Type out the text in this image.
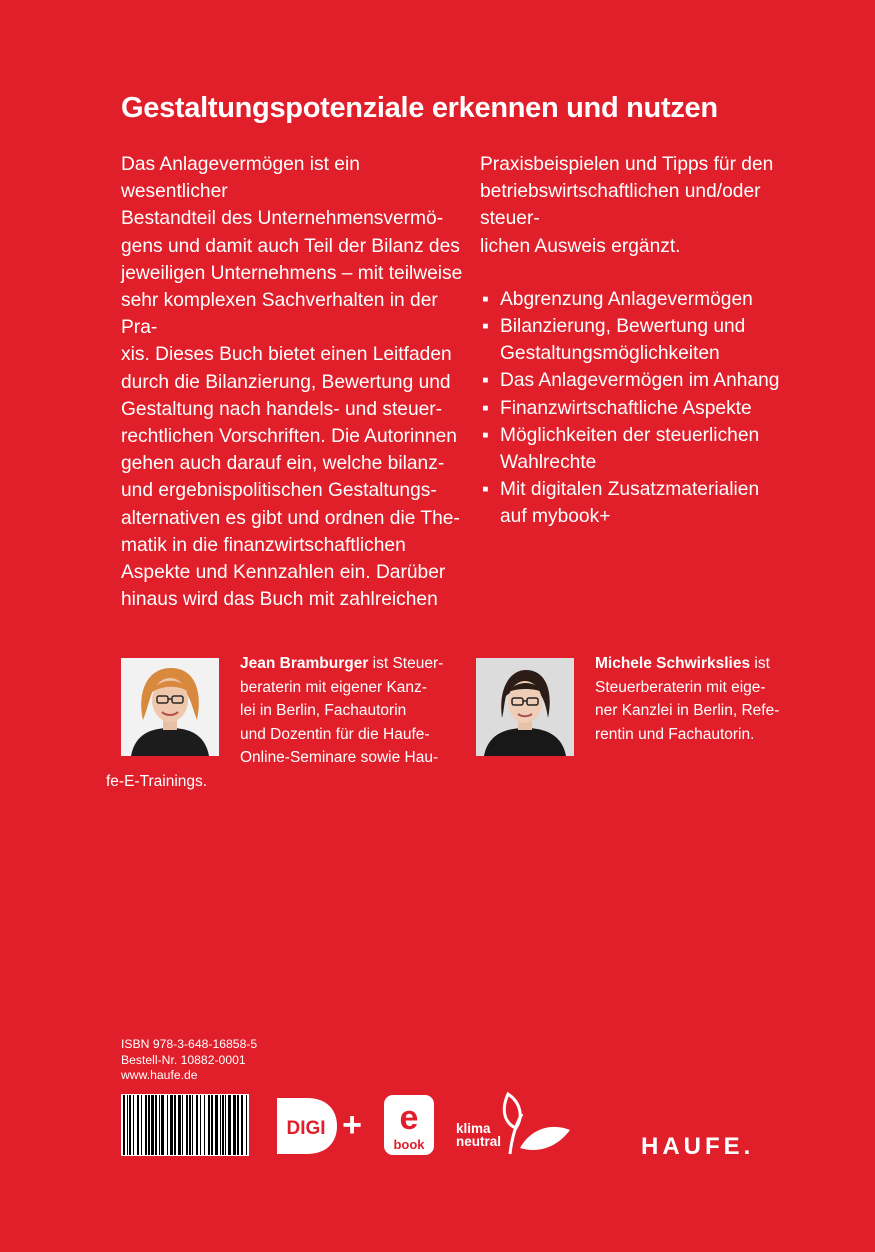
Gestaltungspotenziale erkennen und nutzen

Das Anlagevermögen ist ein wesentlicher
Bestandteil des Unternehmensvermö-
gens und damit auch Teil der Bilanz des
jeweiligen Unternehmens – mit teilweise
sehr komplexen Sachverhalten in der Pra-
xis. Dieses Buch bietet einen Leitfaden
durch die Bilanzierung, Bewertung und
Gestaltung nach handels- und steuer-
rechtlichen Vorschriften. Die Autorinnen
gehen auch darauf ein, welche bilanz-
und ergebnispolitischen Gestaltungs-
alternativen es gibt und ordnen die The-
matik in die finanzwirtschaftlichen
Aspekte und Kennzahlen ein. Darüber
hinaus wird das Buch mit zahlreichen

Praxisbeispielen und Tipps für den
betriebswirtschaftlichen und/oder steuer-
lichen Ausweis ergänzt.

▪ Abgrenzung Anlagevermögen
▪ Bilanzierung, Bewertung und
Gestaltungsmöglichkeiten
▪ Das Anlagevermögen im Anhang
▪ Finanzwirtschaftliche Aspekte
▪ Möglichkeiten der steuerlichen
Wahlrechte
▪ Mit digitalen Zusatzmaterialien
auf mybook+
Jean Bramburger ist Steuer-
beraterin mit eigener Kanz-
lei in Berlin, Fachautorin
und Dozentin für die Haufe-
Online-Seminare sowie Hau-
fe-E-Trainings.
Michele Schwirkslies ist
Steuerberaterin mit eige-
ner Kanzlei in Berlin, Refe-
rentin und Fachautorin.
ISBN 978-3-648-16858-5
Bestell-Nr. 10882-0001
www.haufe.de
DIGI + e
book
klima
neutral	HAUFE.
